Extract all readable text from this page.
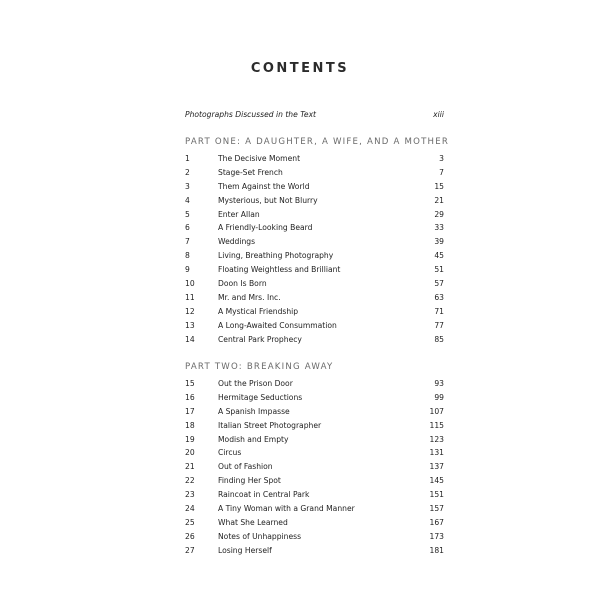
CONTENTS
Photographs Discussed in the Text	xiii
PART ONE: A DAUGHTER, A WIFE, AND A MOTHER
1	The Decisive Moment	3
2	Stage-Set French	7
3	Them Against the World	15
4	Mysterious, but Not Blurry	21
5	Enter Allan	29
6	A Friendly-Looking Beard	33
7	Weddings	39
8	Living, Breathing Photography	45
9	Floating Weightless and Brilliant	51
10	Doon Is Born	57
11	Mr. and Mrs. Inc.	63
12	A Mystical Friendship	71
13	A Long-Awaited Consummation	77
14	Central Park Prophecy	85
PART TWO: BREAKING AWAY
15	Out the Prison Door	93
16	Hermitage Seductions	99
17	A Spanish Impasse	107
18	Italian Street Photographer	115
19	Modish and Empty	123
20	Circus	131
21	Out of Fashion	137
22	Finding Her Spot	145
23	Raincoat in Central Park	151
24	A Tiny Woman with a Grand Manner	157
25	What She Learned	167
26	Notes of Unhappiness	173
27	Losing Herself	181
